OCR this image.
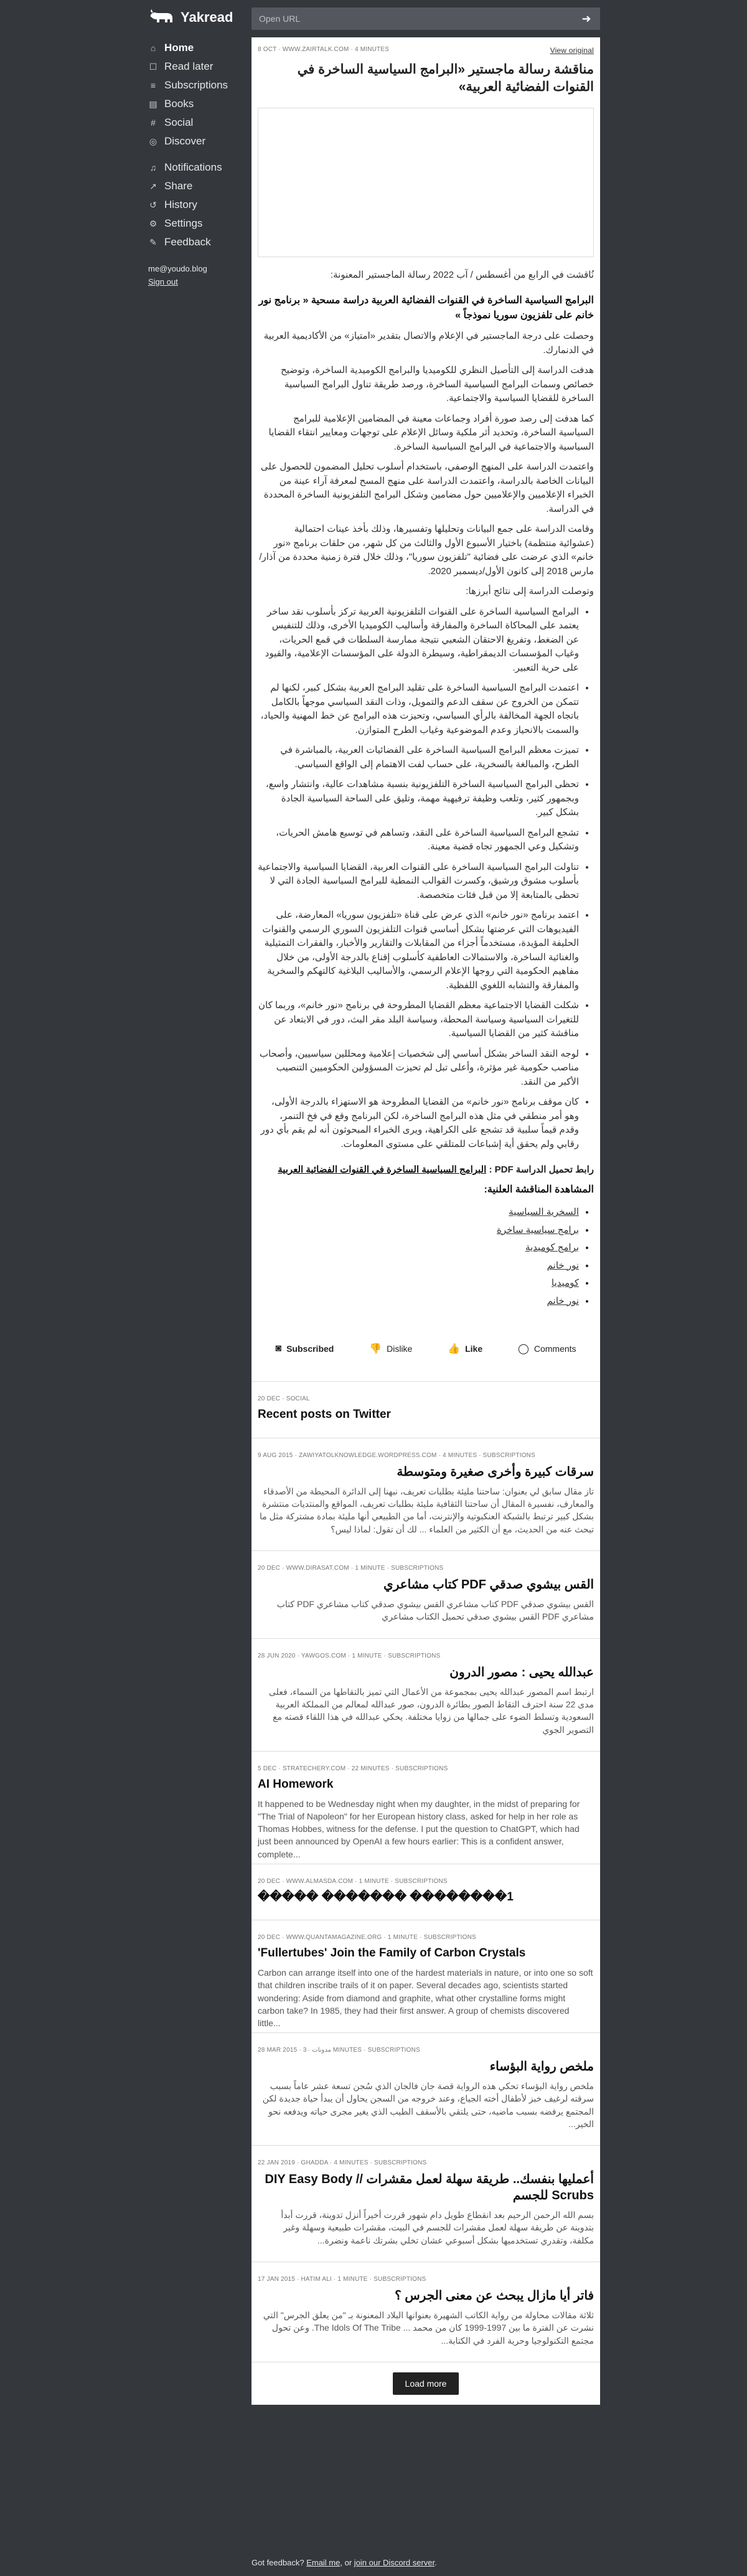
Yakread
⌂ Home
☐ Read later
≡ Subscriptions
▤ Books
# Social
◎ Discover
♫ Notifications
↗ Share
↺ History
⚙ Settings
✎ Feedback
me@youdo.blog
Sign out
Open URL
➜
8 OCT · WWW.ZAIRTALK.COM · 4 MINUTES	View original
مناقشة رسالة ماجستير «البرامج السياسية الساخرة في القنوات الفضائية العربية»

نُاقشت في الرابع من أغسطس / آب 2022 رسالة الماجستير المعنونة:

البرامج السياسية الساخرة في القنوات الفضائية العربية دراسة مسحية « برنامج نور خانم على تلفزيون سوريا نموذجاً »

وحصلت على درجة الماجستير في الإعلام والاتصال بتقدير «امتياز» من الأكاديمية العربية في الدنمارك.

هدفت الدراسة إلى التأصيل النظري للكوميديا والبرامج الكوميدية الساخرة، وتوضيح خصائص وسمات البرامج السياسية الساخرة، ورصد طريقة تناول البرامج السياسية الساخرة للقضايا السياسية والاجتماعية.

كما هدفت إلى رصد صورة أفراد وجماعات معينة في المضامين الإعلامية للبرامج السياسية الساخرة، وتحديد أثر ملكية وسائل الإعلام على توجهات ومعايير انتقاء القضايا السياسية والاجتماعية في البرامج السياسية الساخرة.

واعتمدت الدراسة على المنهج الوصفي، باستخدام أسلوب تحليل المضمون للحصول على البيانات الخاصة بالدراسة، واعتمدت الدراسة على منهج المسح لمعرفة آراء عينة من الخبراء الإعلاميين والإعلاميين حول مضامين وشكل البرامج التلفزيونية الساخرة المحددة في الدراسة.

وقامت الدراسة على جمع البيانات وتحليلها وتفسيرها، وذلك بأخذ عينات احتمالية (عشوائية منتظمة) باختيار الأسبوع الأول والثالث من كل شهر، من حلقات برنامج «نور خانم» الذي عرضت على فضائية "تلفزيون سوريا"، وذلك خلال فترة زمنية محددة من آذار/مارس 2018 إلى كانون الأول/ديسمبر 2020.

وتوصلت الدراسة إلى نتائج أبرزها:

• البرامج السياسية الساخرة على القنوات التلفزيونية العربية تركز بأسلوب نقد ساخر يعتمد على المحاكاة الساخرة والمفارقة وأساليب الكوميديا الأخرى، وذلك للتنفيس عن الضغط، وتفريغ الاحتقان الشعبي نتيجة ممارسة السلطات في قمع الحريات، وغياب المؤسسات الديمقراطية، وسيطرة الدولة على المؤسسات الإعلامية، والقيود على حرية التعبير.
• اعتمدت البرامج السياسية الساخرة على تقليد البرامج العربية بشكل كبير، لكنها لم تتمكن من الخروج عن سقف الدعم والتمويل، وذات النقد السياسي موجهاً بالكامل باتجاه الجهة المخالفة بالرأي السياسي، وتحيزت هذه البرامج عن خط المهنية والحياد، والسمت بالانحياز وعدم الموضوعية وغياب الطرح المتوازن.
• تميزت معظم البرامج السياسية الساخرة على الفضائيات العربية، بالمباشرة في الطرح، والمبالغة بالسخرية، على حساب لفت الاهتمام إلى الواقع السياسي.
• تحظى البرامج السياسية الساخرة التلفزيونية بنسبة مشاهدات عالية، وانتشار واسع، وبجمهور كثير، وتلعب وظيفة ترفيهية مهمة، وتليق على الساحة السياسية الجادة بشكل كبير.
• تشجع البرامج السياسية الساخرة على النقد، وتساهم في توسيع هامش الحريات، وتشكيل وعي الجمهور تجاه قضية معينة.
• تناولت البرامج السياسية الساخرة على القنوات العربية، القضايا السياسية والاجتماعية بأسلوب مشوق ورشيق، وكسرت القوالب النمطية للبرامج السياسية الجادة التي لا تحظى بالمتابعة إلا من قبل فئات متخصصة.
• اعتمد برنامج «نور خانم» الذي عرض على قناة «تلفزيون سوريا» المعارضة، على الفيديوهات التي عرضتها بشكل أساسي قنوات التلفزيون السوري الرسمي والقنوات الحليفة المؤيدة، مستخدماً أجزاء من المقابلات والتقارير والأخبار، والفقرات التمثيلية والغنائية الساخرة، والاستمالات العاطفية كأسلوب إقناع بالدرجة الأولى، من خلال مفاهيم الحكومية التي روجها الإعلام الرسمي، والأساليب البلاغية كالتهكم والسخرية والمفارقة والتشابه اللغوي اللفظية.
• شكلت القضايا الاجتماعية معظم القضايا المطروحة في برنامج «نور خانم»، وربما كان للتغيرات السياسية وسياسة المحطة، وسياسة البلد مقر البث، دور في الابتعاد عن مناقشة كثير من القضايا السياسية.
• لوجه النقد الساخر بشكل أساسي إلى شخصيات إعلامية ومحللين سياسيين، وأصحاب مناصب حكومية غير مؤثرة، وأعلى تبل لم تحيزت المسؤولين الحكوميين التنصيب الأكبر من النقد.
• كان موقف برنامج «نور خانم» من القضايا المطروحة هو الاستهزاء بالدرجة الأولى، وهو أمر منطقي في مثل هذه البرامج الساخرة، لكن البرنامج وقع في فخ التنمر، وقدم قيماً سلبية قد تشجع على الكراهية، ويرى الخبراء المبحوثون أنه لم يقم بأي دور رقابي ولم يحقق أية إشباعات للمتلقي على مستوى المعلومات.
رابط تحميل الدراسة PDF : البرامج السياسية الساخرة في القنوات الفضائية العربية
المشاهدة المناقشة العلنية:
• السخرية السياسية
• برامج سياسية ساخرة
• برامج كوميدية
• نور خانم
• كوميديا
• نور خانم
◙ Subscribed	👎 Dislike	👍 Like	◯ Comments
20 DEC · SOCIAL
Recent posts on Twitter
9 AUG 2015 · ZAWIYATOLKNOWLEDGE.WORDPRESS.COM · 4 MINUTES · SUBSCRIPTIONS
سرقات كبيرة وأخرى صغيرة ومتوسطة
تاز مقال سابق لي بعنوان: ساحتنا مليئة بطلبات تعريف، نبهنا إلى الدائرة المحيطة من الأصدقاء والمعارف، نفسيرة المقال أن ساحتنا الثقافية مليئة بطلبات تعريف، المواقع والمنتديات منتشرة بشكل كبير ترتبط بالشبكة العنكبوتية والإنترنت، أما من الطبيعي أنها مليئة بمادة مشتركة مثل ما تبحث عنه من الحديث، مع أن الكثير من العلماء ... لك أن تقول: لماذا ليس؟
20 DEC · WWW.DIRASAT.COM · 1 MINUTE · SUBSCRIPTIONS
القس بيشوي صدقي PDF كتاب مشاعري
القس بيشوي صدقي PDF كتاب مشاعري القس بيشوي صدقي كتاب مشاعري PDF كتاب مشاعري PDF القس بيشوي صدقي تحميل الكتاب مشاعري
28 JUN 2020 · YAWGOS.COM · 1 MINUTE · SUBSCRIPTIONS
عبدالله يحيى : مصور الدرون
ارتبط اسم المصور عبدالله يحيى بمجموعة من الأعمال التي تميز بالتقاطها من السماء، فعلى مدى 22 سنة احترف التقاط الصور بطائرة الدرون، صور عبدالله لمعالم من المملكة العربية السعودية وتسلط الضوء على جمالها من زوايا مختلفة. يحكي عبدالله في هذا اللقاء قصته مع التصوير الجوي
5 DEC · STRATECHERY.COM · 22 MINUTES · SUBSCRIPTIONS
AI Homework
It happened to be Wednesday night when my daughter, in the midst of preparing for "The Trial of Napoleon" for her European history class, asked for help in her role as Thomas Hobbes, witness for the defense. I put the question to ChatGPT, which had just been announced by OpenAI a few hours earlier: This is a confident answer, complete...
20 DEC · WWW.ALMASDA.COM · 1 MINUTE · SUBSCRIPTIONS
����� ������� ��������1
20 DEC · WWW.QUANTAMAGAZINE.ORG · 1 MINUTE · SUBSCRIPTIONS
'Fullertubes' Join the Family of Carbon Crystals
Carbon can arrange itself into one of the hardest materials in nature, or into one so soft that children inscribe trails of it on paper. Several decades ago, scientists started wondering: Aside from diamond and graphite, what other crystalline forms might carbon take? In 1985, they had their first answer. A group of chemists discovered little...
28 MAR 2015 · مدونات · 3 MINUTES · SUBSCRIPTIONS
ملخص رواية البؤساء
ملخص رواية البؤساء تحكي هذه الرواية قصة جان فالجان الذي سُجن تسعة عشر عاماً بسبب سرقته لرغيف خبز لأطفال أخته الجياع، وعند خروجه من السجن يحاول أن يبدأ حياة جديدة لكن المجتمع يرفضه بسبب ماضيه، حتى يلتقي بالأسقف الطيب الذي يغير مجرى حياته ويدفعه نحو الخير...
22 JAN 2019 · GHADDA · 4 MINUTES · SUBSCRIPTIONS
أعمليها بنفسك.. طريقة سهلة لعمل مقشرات // DIY Easy Body Scrubs للجسم
بسم الله الرحمن الرحيم بعد انقطاع طويل دام شهور قررت أخيراً أنزل تدوينة، قررت أبدأ بتدوينة عن طريقة سهلة لعمل مقشرات للجسم في البيت، مقشرات طبيعية وسهلة وغير مكلفة، وتقدري تستخدميها بشكل أسبوعي عشان تخلي بشرتك ناعمة ونضرة...
17 JAN 2015 · HATIM ALI · 1 MINUTE · SUBSCRIPTIONS
فاتر أيا مازال يبحث عن معنى الجرس ؟
ثلاثة مقالات محاولة من رواية الكاتب الشهيرة بعنوانها البلاد المعنونة بـ "من يعلق الجرس" التي نشرت عن الفترة ما بين 1997-1999 كان من محمد ... The Idols Of The Tribe. وعن تحول مجتمع التكنولوجيا وحرية الفرد في الكتابة...
Load more
Got feedback? Email me, or join our Discord server.
